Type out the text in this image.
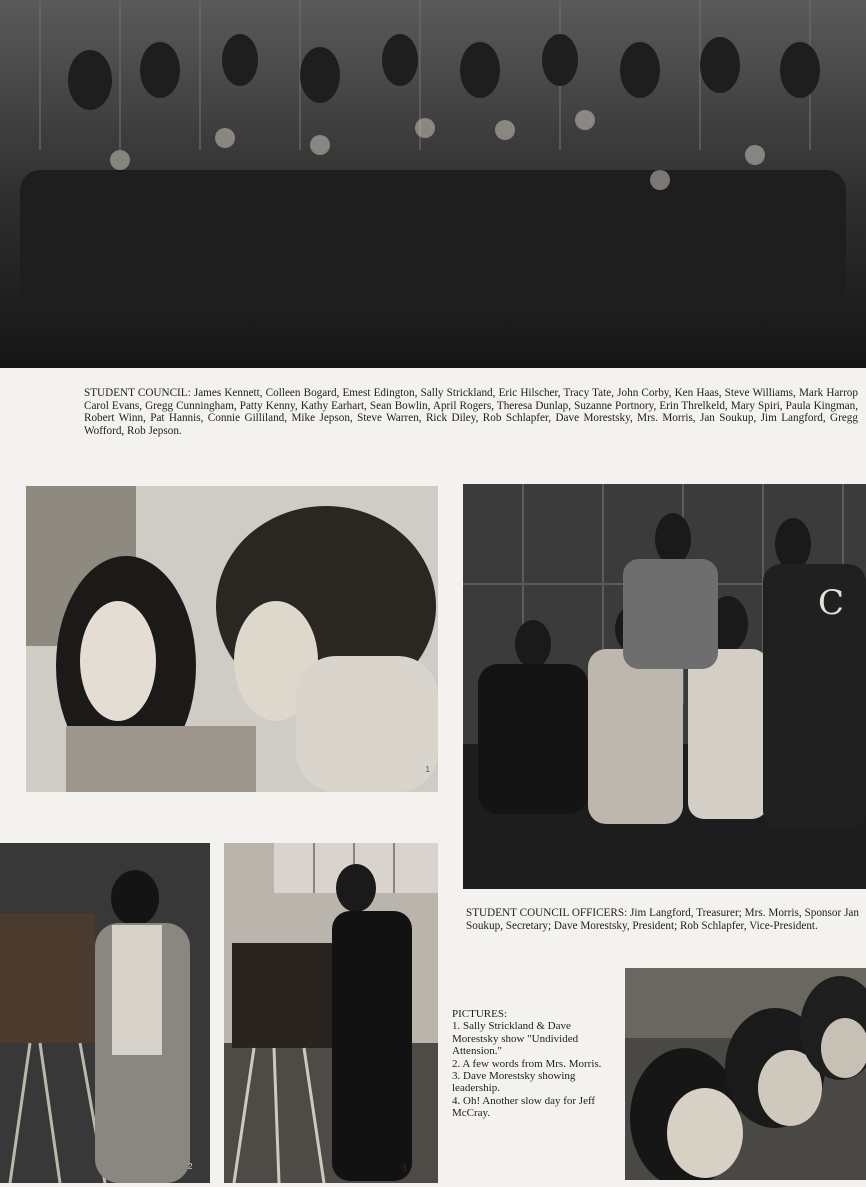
STUDENT COUNCIL: James Kennett, Colleen Bogard, Emest Edington, Sally Strickland, Eric Hilscher, Tracy Tate, John Corby, Ken Haas, Steve Williams, Mark Harrop Carol Evans, Gregg Cunningham, Patty Kenny, Kathy Earhart, Sean Bowlin, April Rogers, Theresa Dunlap, Suzanne Portnory, Erin Threlkeld, Mary Spiri, Paula Kingman, Robert Winn, Pat Hannis, Connie Gilliland, Mike Jepson, Steve Warren, Rick Diley, Rob Schlapfer, Dave Morestsky, Mrs. Morris, Jan Soukup, Jim Langford, Gregg Wofford, Rob Jepson.
1
C
STUDENT COUNCIL OFFICERS: Jim Langford, Treasurer; Mrs. Morris, Sponsor Jan Soukup, Secretary; Dave Morestsky, President; Rob Schlapfer, Vice-President.
2	3
PICTURES:
1. Sally Strickland & Dave Morestsky show "Undivided Attension."
2. A few words from Mrs. Morris.
3. Dave Morestsky showing leadership.
4. Oh! Another slow day for Jeff McCray.
